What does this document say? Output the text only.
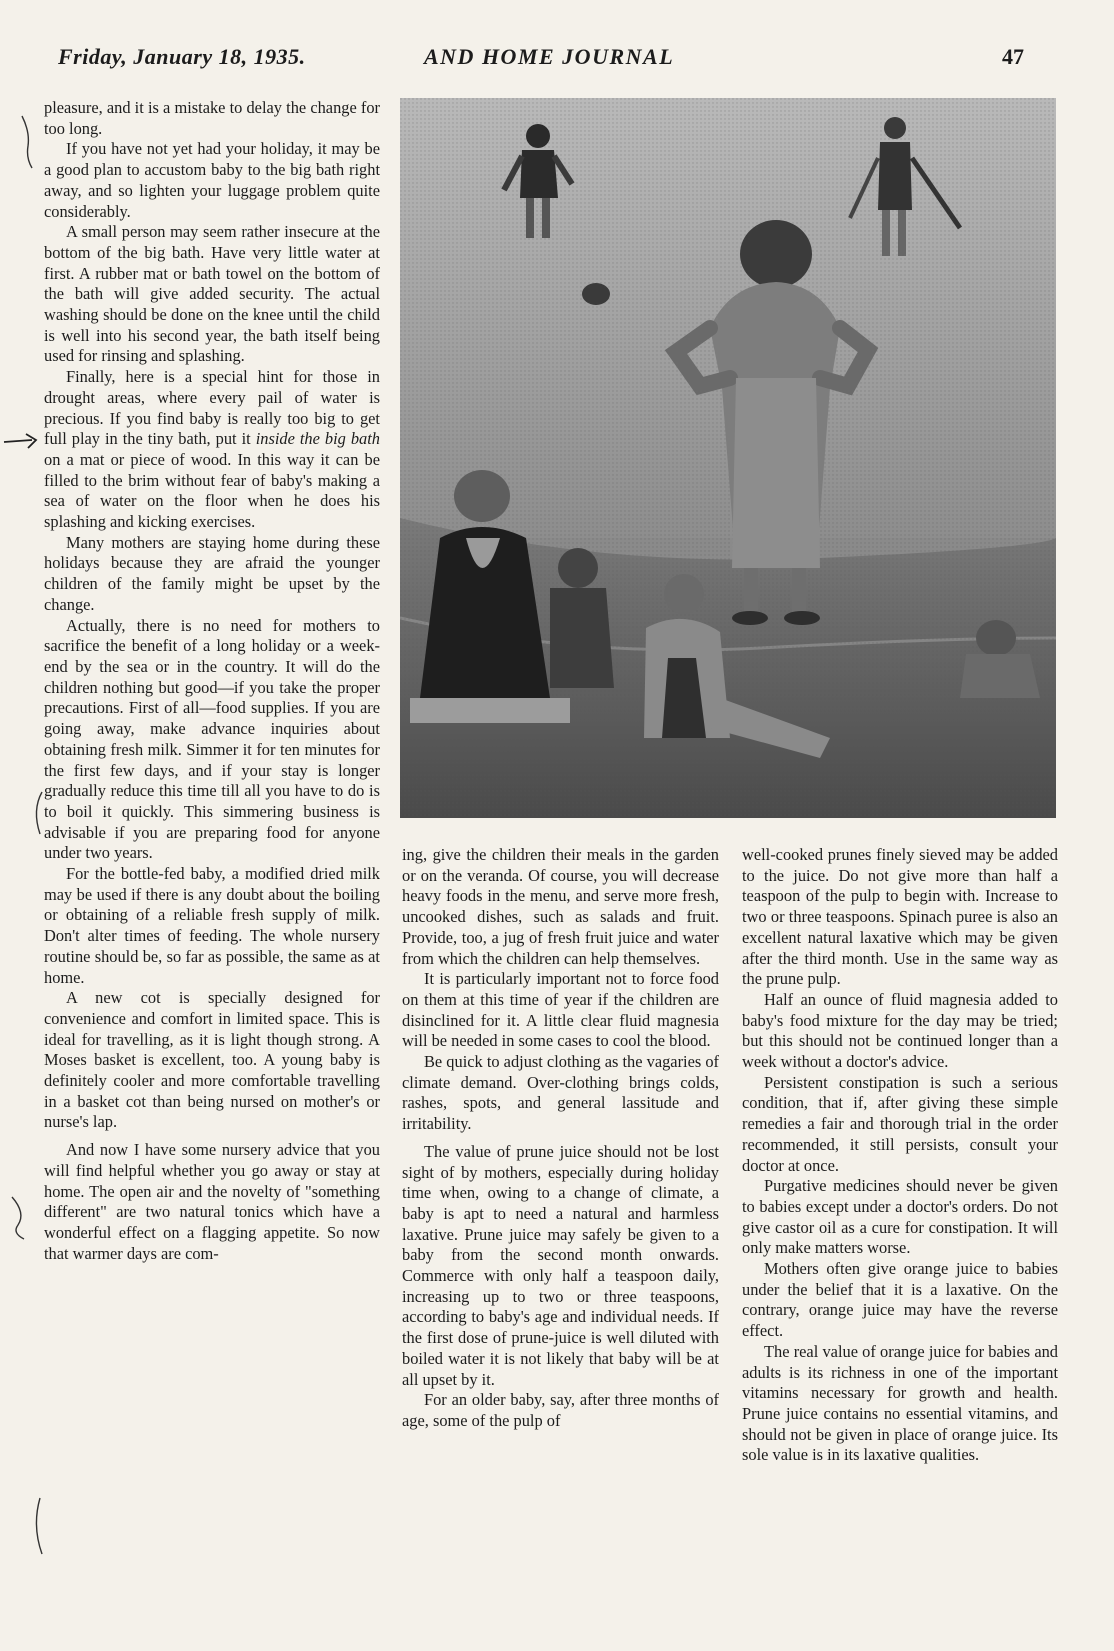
Friday, January 18, 1935.	AND HOME JOURNAL	47

pleasure, and it is a mistake to delay the change for too long.

If you have not yet had your holiday, it may be a good plan to accustom baby to the big bath right away, and so lighten your luggage problem quite considerably.

A small person may seem rather insecure at the bottom of the big bath. Have very little water at first. A rubber mat or bath towel on the bottom of the bath will give added security. The actual washing should be done on the knee until the child is well into his second year, the bath itself being used for rinsing and splashing.

Finally, here is a special hint for those in drought areas, where every pail of water is precious. If you find baby is really too big to get full play in the tiny bath, put it inside the big bath on a mat or piece of wood. In this way it can be filled to the brim without fear of baby's making a sea of water on the floor when he does his splashing and kicking exercises.

Many mothers are staying home during these holidays because they are afraid the younger children of the family might be upset by the change.

Actually, there is no need for mothers to sacrifice the benefit of a long holiday or a week-end by the sea or in the country. It will do the children nothing but good—if you take the proper precautions. First of all—food supplies. If you are going away, make advance inquiries about obtaining fresh milk. Simmer it for ten minutes for the first few days, and if your stay is longer gradually reduce this time till all you have to do is to boil it quickly. This simmering business is advisable if you are preparing food for anyone under two years.

For the bottle-fed baby, a modified dried milk may be used if there is any doubt about the boiling or obtaining of a reliable fresh supply of milk. Don't alter times of feeding. The whole nursery routine should be, so far as possible, the same as at home.

A new cot is specially designed for convenience and comfort in limited space. This is ideal for travelling, as it is light though strong. A Moses basket is excellent, too. A young baby is definitely cooler and more comfortable travelling in a basket cot than being nursed on mother's or nurse's lap.

And now I have some nursery advice that you will find helpful whether you go away or stay at home. The open air and the novelty of "something different" are two natural tonics which have a wonderful effect on a flagging appetite. So now that warmer days are com-

ing, give the children their meals in the garden or on the veranda. Of course, you will decrease heavy foods in the menu, and serve more fresh, uncooked dishes, such as salads and fruit. Provide, too, a jug of fresh fruit juice and water from which the children can help themselves.

It is particularly important not to force food on them at this time of year if the children are disinclined for it. A little clear fluid magnesia will be needed in some cases to cool the blood.

Be quick to adjust clothing as the vagaries of climate demand. Over-clothing brings colds, rashes, spots, and general lassitude and irritability.

The value of prune juice should not be lost sight of by mothers, especially during holiday time when, owing to a change of climate, a baby is apt to need a natural and harmless laxative. Prune juice may safely be given to a baby from the second month onwards. Commerce with only half a teaspoon daily, increasing up to two or three teaspoons, according to baby's age and individual needs. If the first dose of prune-juice is well diluted with boiled water it is not likely that baby will be at all upset by it.

For an older baby, say, after three months of age, some of the pulp of

well-cooked prunes finely sieved may be added to the juice. Do not give more than half a teaspoon of the pulp to begin with. Increase to two or three teaspoons. Spinach puree is also an excellent natural laxative which may be given after the third month. Use in the same way as the prune pulp.

Half an ounce of fluid magnesia added to baby's food mixture for the day may be tried; but this should not be continued longer than a week without a doctor's advice.

Persistent constipation is such a serious condition, that if, after giving these simple remedies a fair and thorough trial in the order recommended, it still persists, consult your doctor at once.

Purgative medicines should never be given to babies except under a doctor's orders. Do not give castor oil as a cure for constipation. It will only make matters worse.

Mothers often give orange juice to babies under the belief that it is a laxative. On the contrary, orange juice may have the reverse effect.

The real value of orange juice for babies and adults is its richness in one of the important vitamins necessary for growth and health. Prune juice contains no essential vitamins, and should not be given in place of orange juice. Its sole value is in its laxative qualities.
